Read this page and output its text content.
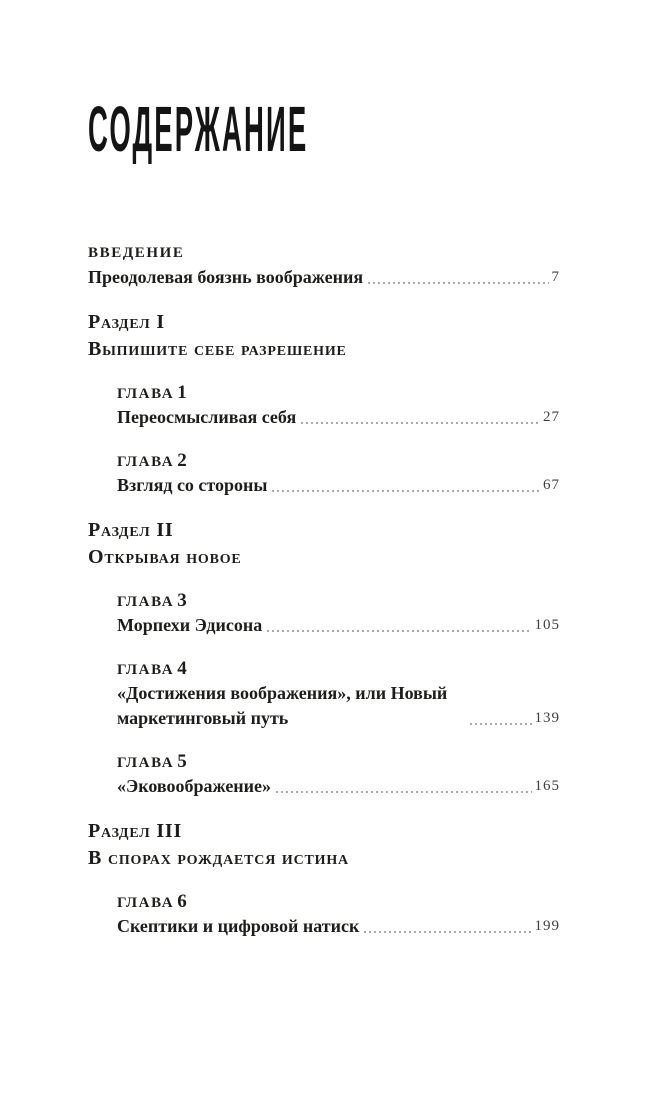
СОДЕРЖАНИЕ
ВВЕДЕНИЕ
Преодолевая боязнь воображения	7
Раздел I
Выпишите себе разрешение
ГЛАВА 1
Переосмысливая себя	27
ГЛАВА 2
Взгляд со стороны	67
Раздел II
Открывая новое
ГЛАВА 3
Морпехи Эдисона	105
ГЛАВА 4
«Достижения воображения», или Новый маркетинговый путь	139
ГЛАВА 5
«Эковоображение»	165
Раздел III
В спорах рождается истина
ГЛАВА 6
Скептики и цифровой натиск	199
